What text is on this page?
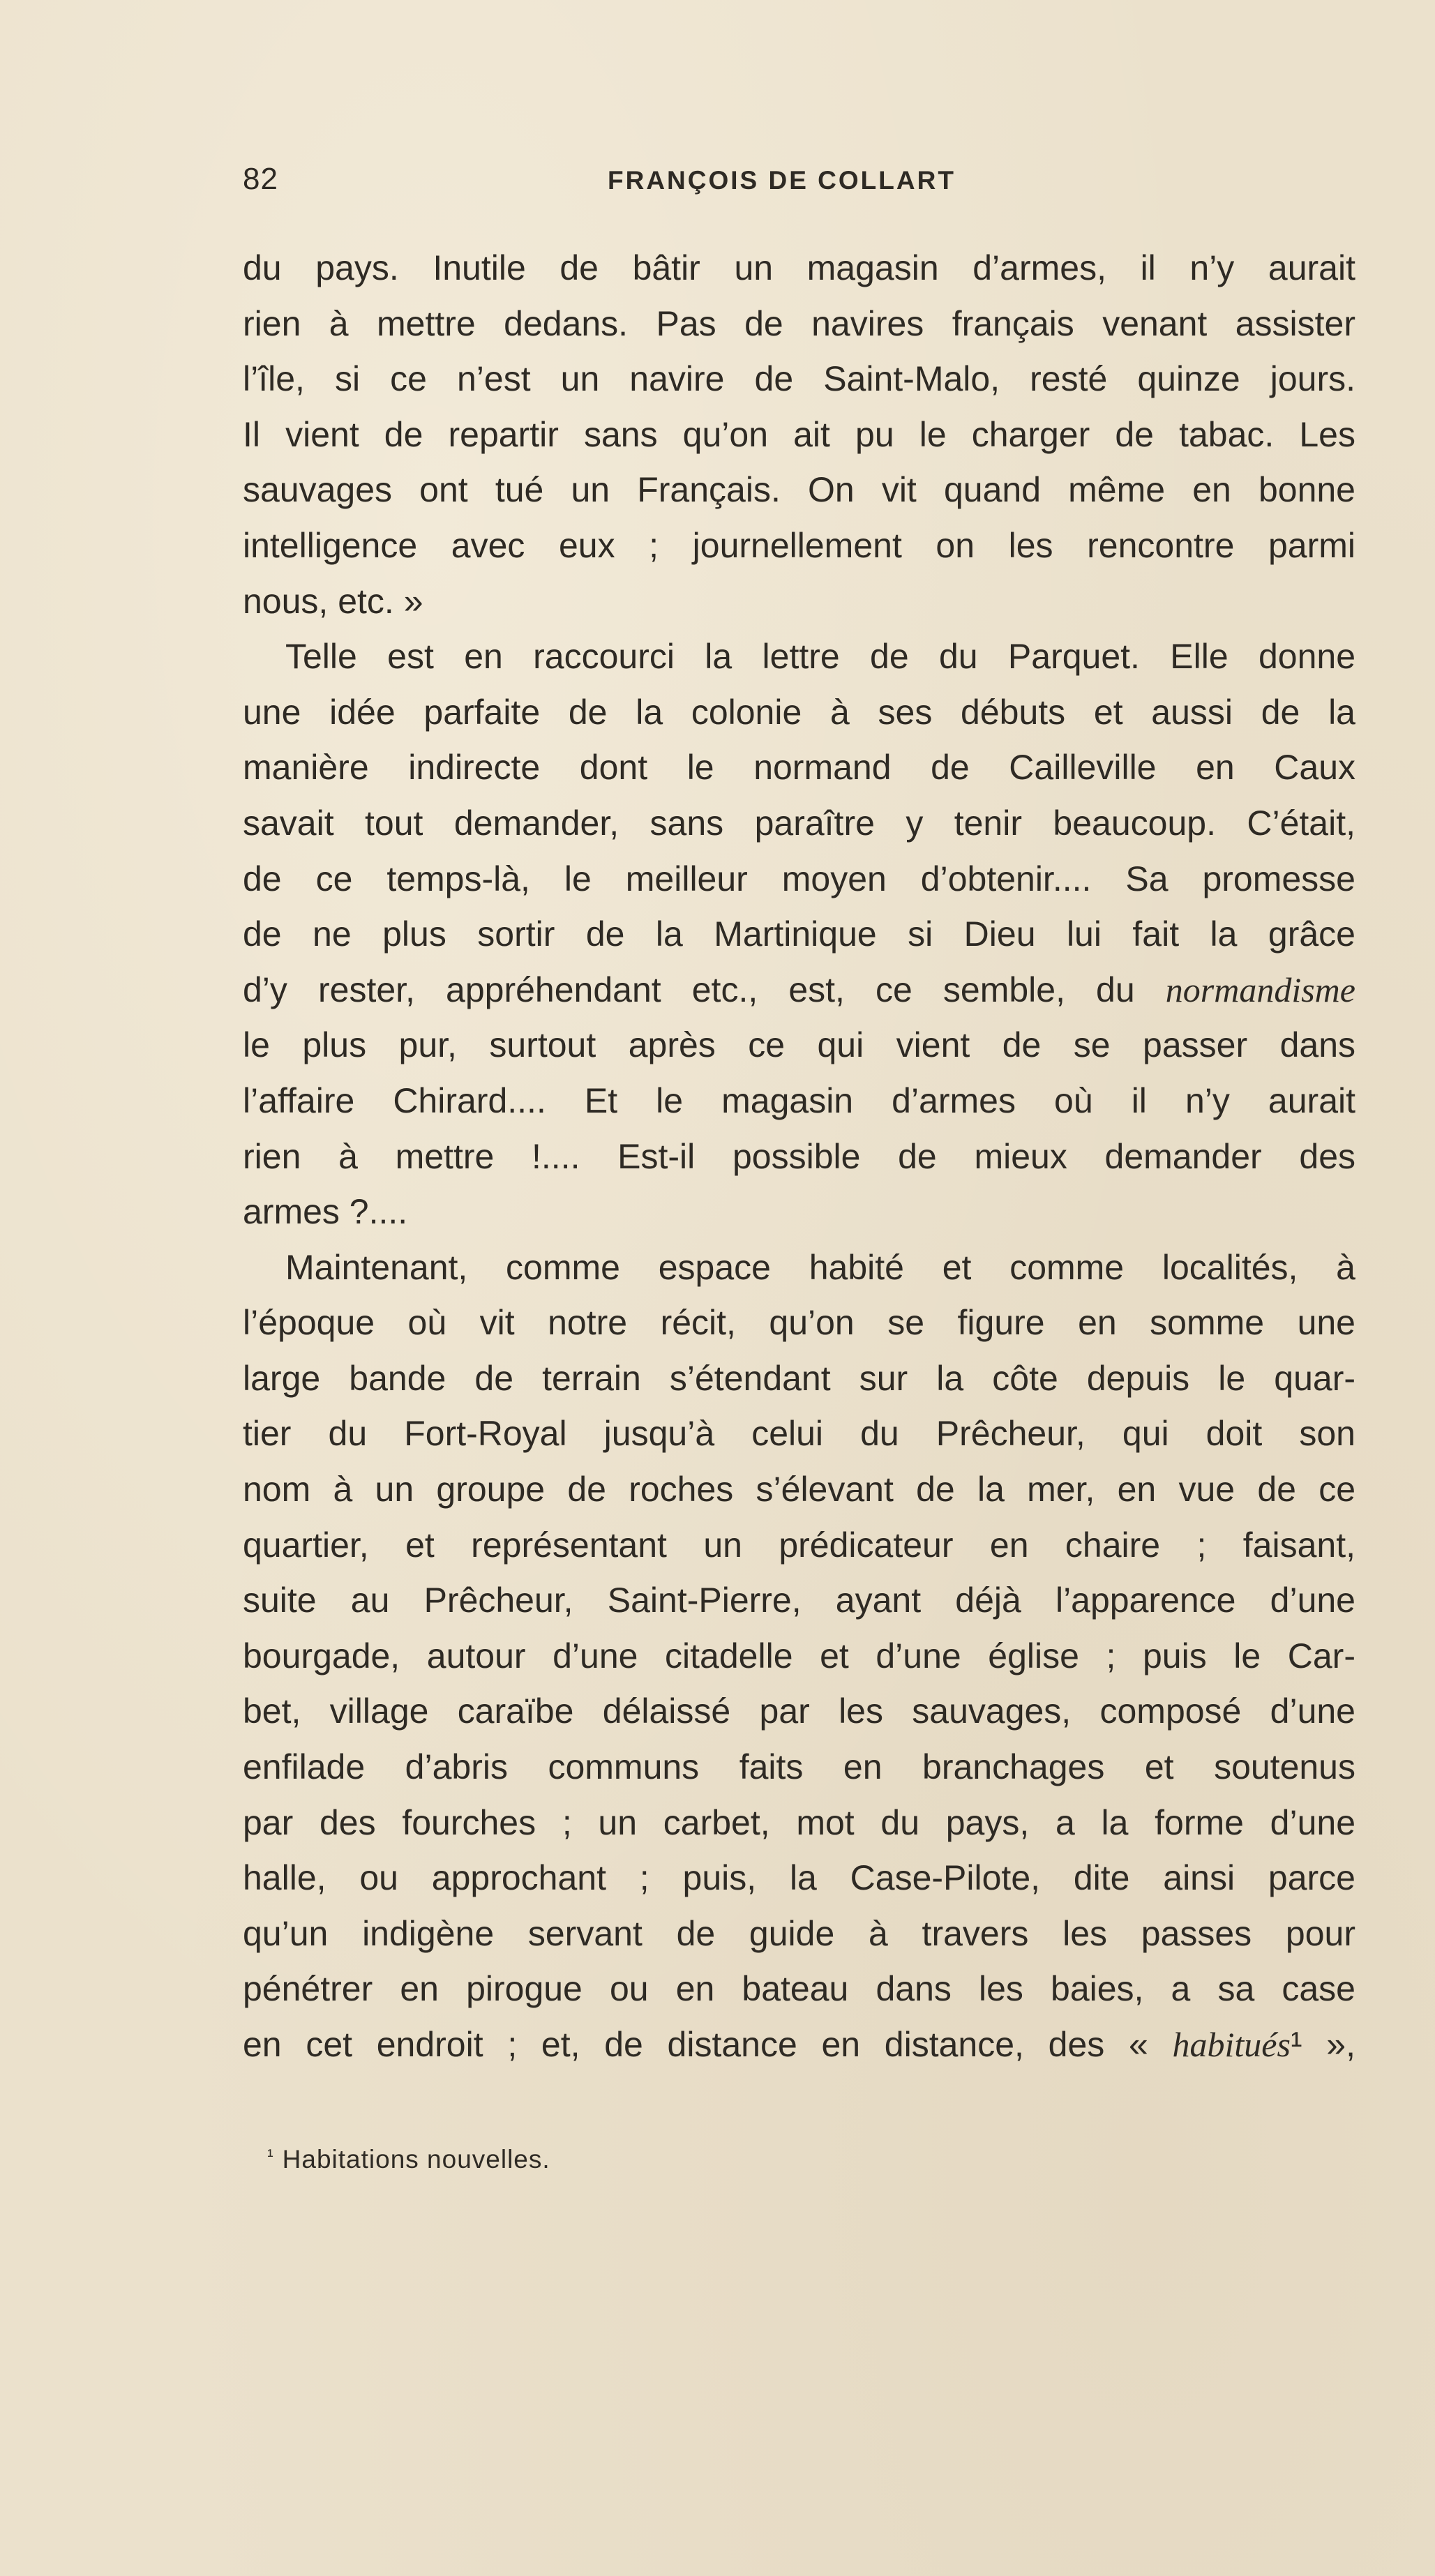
82	FRANÇOIS DE COLLART
du pays. Inutile de bâtir un magasin d’armes, il n’y aurait
rien à mettre dedans. Pas de navires français venant assister
l’île, si ce n’est un navire de Saint-Malo, resté quinze jours.
Il vient de repartir sans qu’on ait pu le charger de tabac. Les
sauvages ont tué un Français. On vit quand même en bonne
intelligence avec eux ; journellement on les rencontre parmi
nous, etc. »
Telle est en raccourci la lettre de du Parquet. Elle donne
une idée parfaite de la colonie à ses débuts et aussi de la
manière indirecte dont le normand de Cailleville en Caux
savait tout demander, sans paraître y tenir beaucoup. C’était,
de ce temps-là, le meilleur moyen d’obtenir.... Sa promesse
de ne plus sortir de la Martinique si Dieu lui fait la grâce
d’y rester, appréhendant etc., est, ce semble, du normandisme
le plus pur, surtout après ce qui vient de se passer dans
l’affaire Chirard.... Et le magasin d’armes où il n’y aurait
rien à mettre !.... Est-il possible de mieux demander des
armes ?....
Maintenant, comme espace habité et comme localités, à
l’époque où vit notre récit, qu’on se figure en somme une
large bande de terrain s’étendant sur la côte depuis le quar-
tier du Fort-Royal jusqu’à celui du Prêcheur, qui doit son
nom à un groupe de roches s’élevant de la mer, en vue de ce
quartier, et représentant un prédicateur en chaire ; faisant,
suite au Prêcheur, Saint-Pierre, ayant déjà l’apparence d’une
bourgade, autour d’une citadelle et d’une église ; puis le Car-
bet, village caraïbe délaissé par les sauvages, composé d’une
enfilade d’abris communs faits en branchages et soutenus
par des fourches ; un carbet, mot du pays, a la forme d’une
halle, ou approchant ; puis, la Case-Pilote, dite ainsi parce
qu’un indigène servant de guide à travers les passes pour
pénétrer en pirogue ou en bateau dans les baies, a sa case
en cet endroit ; et, de distance en distance, des « habitués¹ »,
$^{^1}$ Habitations nouvelles.
